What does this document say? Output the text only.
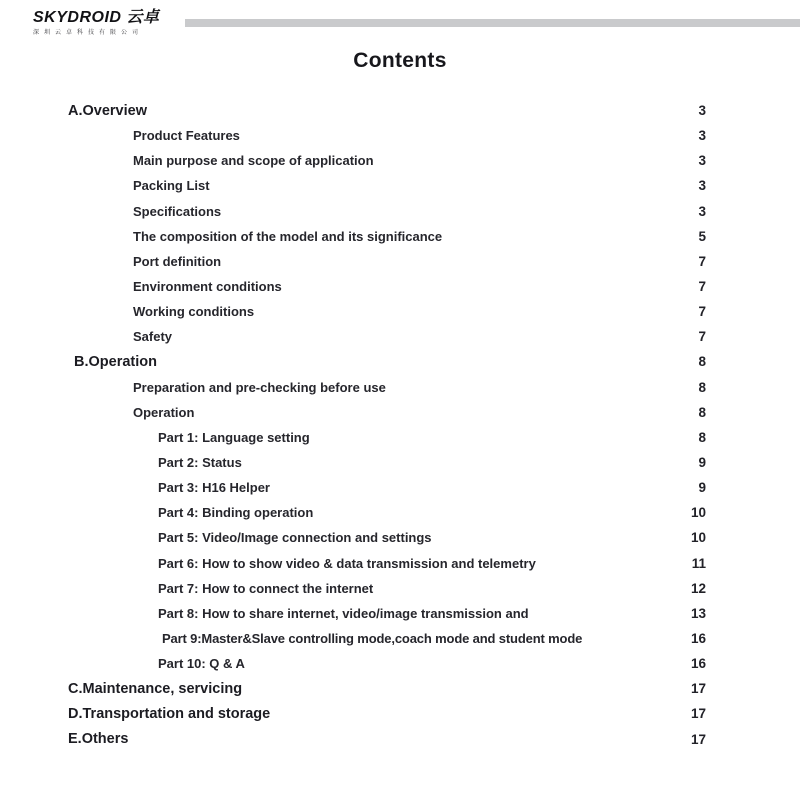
SKYDROID 云卓
深圳云卓科技有限公司
Contents
A.Overview	3
Product Features	3
Main purpose and scope of application	3
Packing List	3
Specifications	3
The composition of the model and its significance	5
Port definition	7
Environment conditions	7
Working conditions	7
Safety	7
B.Operation	8
Preparation and pre-checking before use	8
Operation	8
Part 1: Language setting	8
Part 2: Status	9
Part 3: H16 Helper	9
Part 4: Binding operation	10
Part 5: Video/Image connection and settings	10
Part 6: How to show video & data transmission and telemetry	11
Part 7: How to connect the internet	12
Part 8: How to share internet, video/image transmission and	13
Part 9:Master&Slave controlling mode,coach mode and student mode	16
Part 10: Q & A	16
C.Maintenance, servicing	17
D.Transportation and storage	17
E.Others	17
